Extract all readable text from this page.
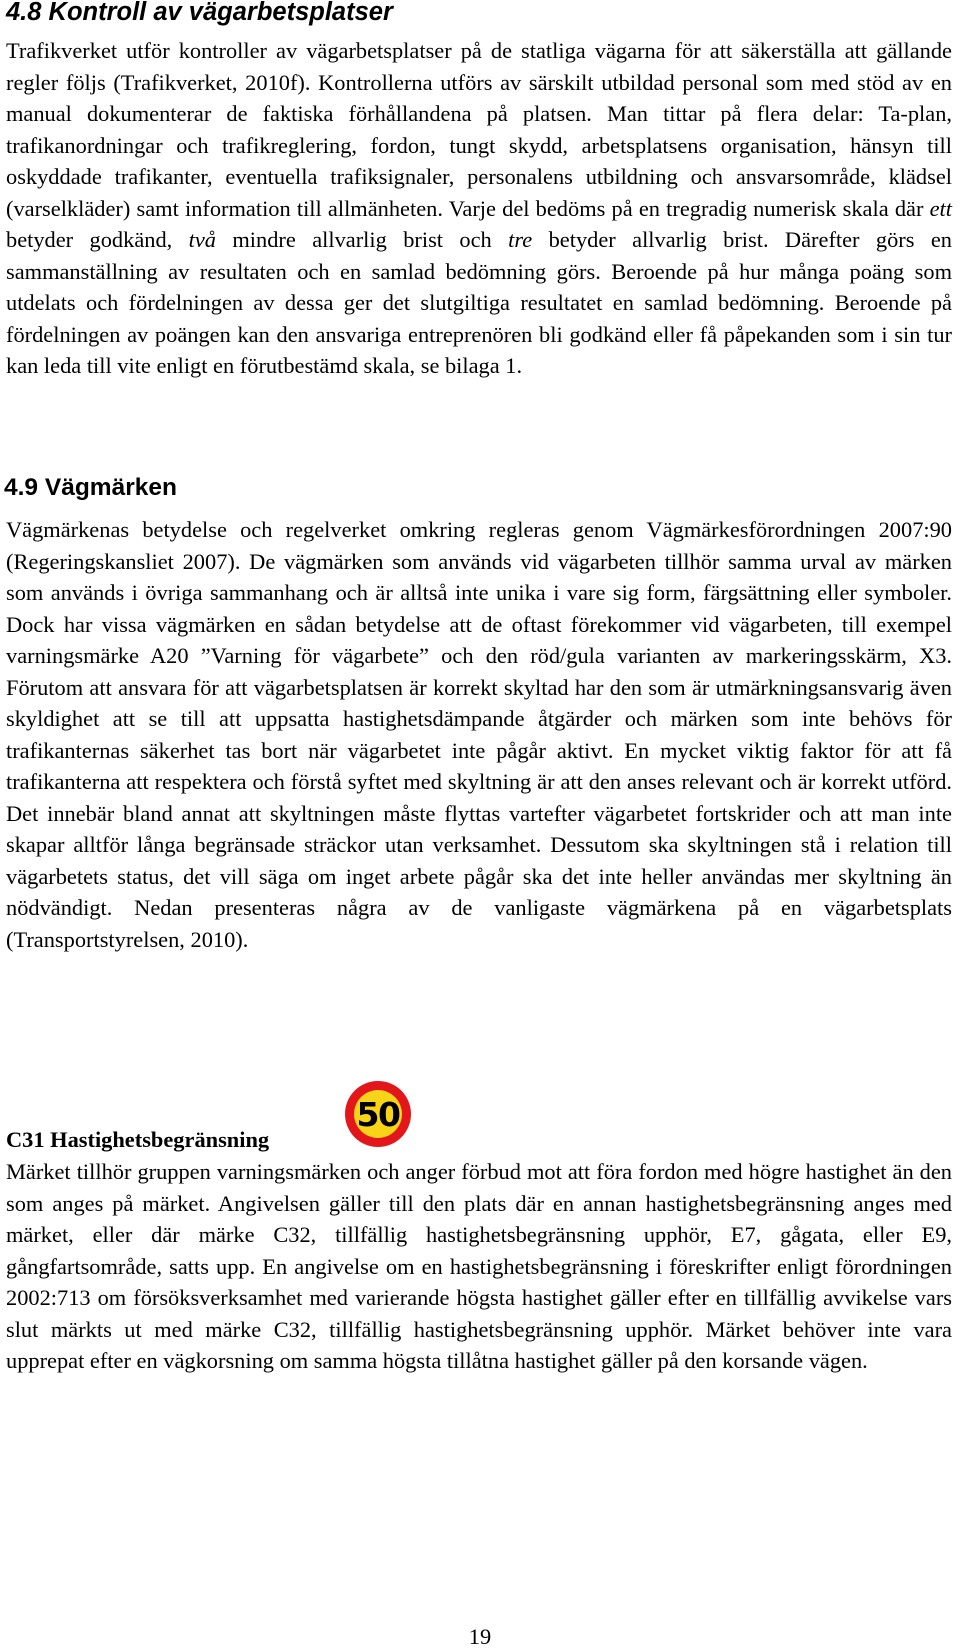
4.8 Kontroll av vägarbetsplatser

Trafikverket utför kontroller av vägarbetsplatser på de statliga vägarna för att säkerställa att gällande regler följs (Trafikverket, 2010f). Kontrollerna utförs av särskilt utbildad personal som med stöd av en manual dokumenterar de faktiska förhållandena på platsen. Man tittar på flera delar: Ta-plan, trafikanordningar och trafikreglering, fordon, tungt skydd, arbetsplatsens organisation, hänsyn till oskyddade trafikanter, eventuella trafiksignaler, personalens utbildning och ansvarsområde, klädsel (varselkläder) samt information till allmänheten. Varje del bedöms på en tregradig numerisk skala där ett betyder godkänd, två mindre allvarlig brist och tre betyder allvarlig brist. Därefter görs en sammanställning av resultaten och en samlad bedömning görs. Beroende på hur många poäng som utdelats och fördelningen av dessa ger det slutgiltiga resultatet en samlad bedömning. Beroende på fördelningen av poängen kan den ansvariga entreprenören bli godkänd eller få påpekanden som i sin tur kan leda till vite enligt en förutbestämd skala, se bilaga 1.

4.9 Vägmärken

Vägmärkenas betydelse och regelverket omkring regleras genom Vägmärkesförordningen 2007:90 (Regeringskansliet 2007). De vägmärken som används vid vägarbeten tillhör samma urval av märken som används i övriga sammanhang och är alltså inte unika i vare sig form, färgsättning eller symboler. Dock har vissa vägmärken en sådan betydelse att de oftast förekommer vid vägarbeten, till exempel varningsmärke A20 ”Varning för vägarbete” och den röd/gula varianten av markeringsskärm, X3. Förutom att ansvara för att vägarbetsplatsen är korrekt skyltad har den som är utmärkningsansvarig även skyldighet att se till att uppsatta hastighetsdämpande åtgärder och märken som inte behövs för trafikanternas säkerhet tas bort när vägarbetet inte pågår aktivt. En mycket viktig faktor för att få trafikanterna att respektera och förstå syftet med skyltning är att den anses relevant och är korrekt utförd. Det innebär bland annat att skyltningen måste flyttas vartefter vägarbetet fortskrider och att man inte skapar alltför långa begränsade sträckor utan verksamhet. Dessutom ska skyltningen stå i relation till vägarbetets status, det vill säga om inget arbete pågår ska det inte heller användas mer skyltning än nödvändigt. Nedan presenteras några av de vanligaste vägmärkena på en vägarbetsplats (Transportstyrelsen, 2010).

50
C31 Hastighetsbegränsning

Märket tillhör gruppen varningsmärken och anger förbud mot att föra fordon med högre hastighet än den som anges på märket. Angivelsen gäller till den plats där en annan hastighetsbegränsning anges med märket, eller där märke C32, tillfällig hastighetsbegränsning upphör, E7, gågata, eller E9, gångfartsområde, satts upp. En angivelse om en hastighetsbegränsning i föreskrifter enligt förordningen 2002:713 om försöksverksamhet med varierande högsta hastighet gäller efter en tillfällig avvikelse vars slut märkts ut med märke C32, tillfällig hastighetsbegränsning upphör. Märket behöver inte vara upprepat efter en vägkorsning om samma högsta tillåtna hastighet gäller på den korsande vägen.

19
